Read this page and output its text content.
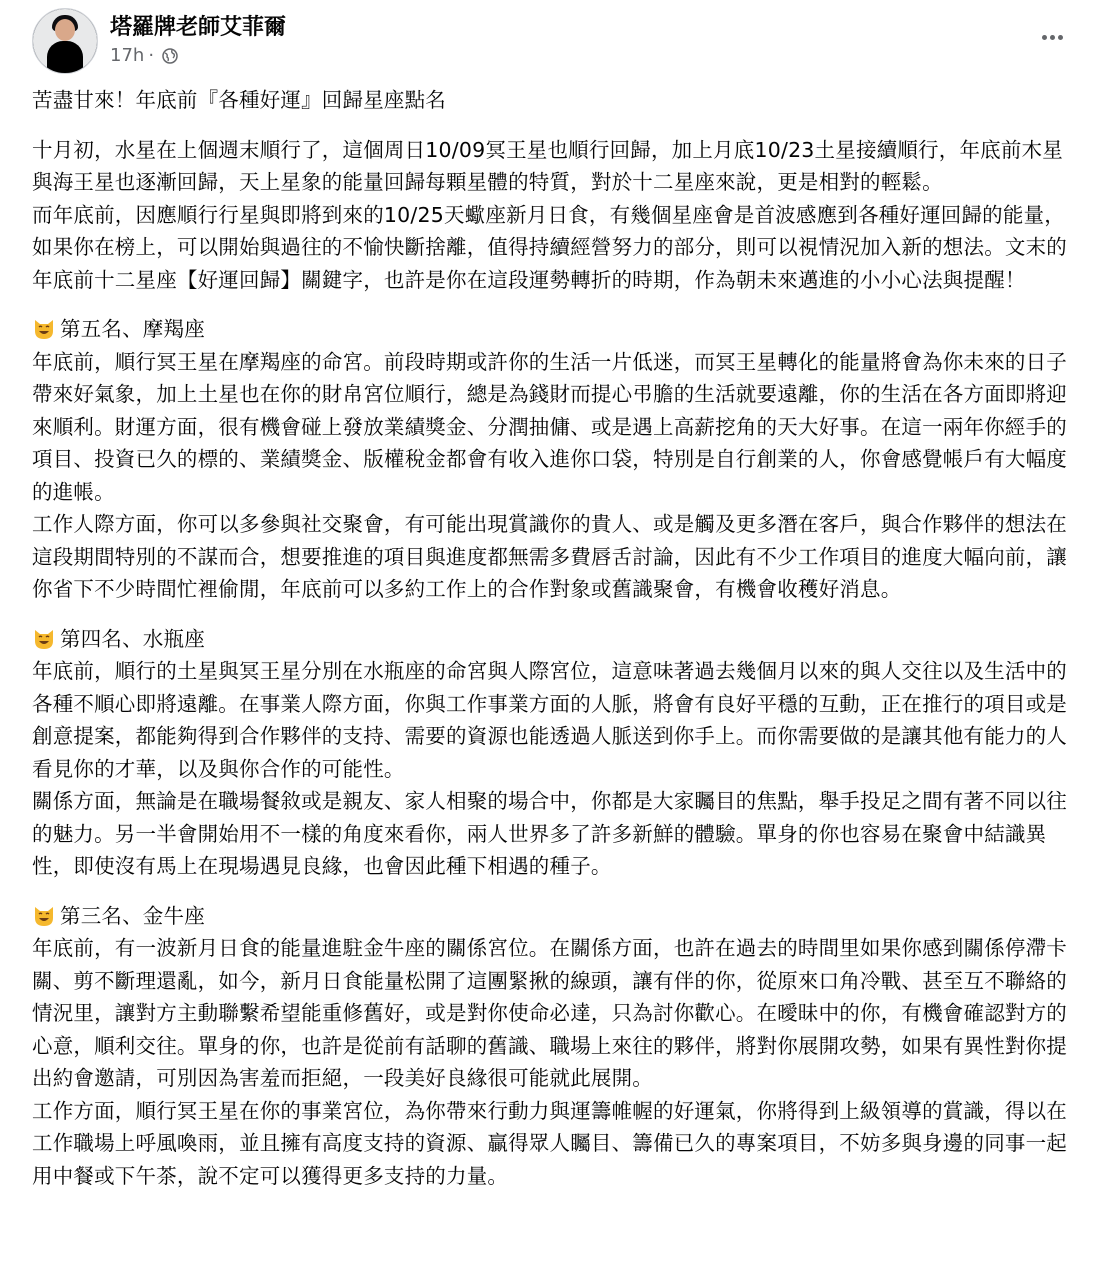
塔羅牌老師艾菲爾
17h ·

苦盡甘來！年底前『各種好運』回歸星座點名

十月初，水星在上個週末順行了，這個周日10/09冥王星也順行回歸，加上月底10/23土星接續順行，年底前木星與海王星也逐漸回歸，天上星象的能量回歸每顆星體的特質，對於十二星座來說，更是相對的輕鬆。

而年底前，因應順行行星與即將到來的10/25天蠍座新月日食，有幾個星座會是首波感應到各種好運回歸的能量，如果你在榜上，可以開始與過往的不愉快斷捨離，值得持續經營努力的部分，則可以視情況加入新的想法。文末的年底前十二星座【好運回歸】關鍵字，也許是你在這段運勢轉折的時期，作為朝未來邁進的小小心法與提醒！

第五名、摩羯座

年底前，順行冥王星在摩羯座的命宮。前段時期或許你的生活一片低迷，而冥王星轉化的能量將會為你未來的日子帶來好氣象，加上土星也在你的財帛宮位順行，總是為錢財而提心弔膽的生活就要遠離，你的生活在各方面即將迎來順利。財運方面，很有機會碰上發放業績獎金、分潤抽傭、或是遇上高薪挖角的天大好事。在這一兩年你經手的項目、投資已久的標的、業績獎金、版權稅金都會有收入進你口袋，特別是自行創業的人，你會感覺帳戶有大幅度的進帳。

工作人際方面，你可以多參與社交聚會，有可能出現賞識你的貴人、或是觸及更多潛在客戶，與合作夥伴的想法在這段期間特別的不謀而合，想要推進的項目與進度都無需多費唇舌討論，因此有不少工作項目的進度大幅向前，讓你省下不少時間忙裡偷閒，年底前可以多約工作上的合作對象或舊識聚會，有機會收穫好消息。

第四名、水瓶座

年底前，順行的土星與冥王星分別在水瓶座的命宮與人際宮位，這意味著過去幾個月以來的與人交往以及生活中的各種不順心即將遠離。在事業人際方面，你與工作事業方面的人脈，將會有良好平穩的互動，正在推行的項目或是創意提案，都能夠得到合作夥伴的支持、需要的資源也能透過人脈送到你手上。而你需要做的是讓其他有能力的人看見你的才華，以及與你合作的可能性。

關係方面，無論是在職場餐敘或是親友、家人相聚的場合中，你都是大家矚目的焦點，舉手投足之間有著不同以往的魅力。另一半會開始用不一樣的角度來看你，兩人世界多了許多新鮮的體驗。單身的你也容易在聚會中結識異性，即使沒有馬上在現場遇見良緣，也會因此種下相遇的種子。

第三名、金牛座

年底前，有一波新月日食的能量進駐金牛座的關係宮位。在關係方面，也許在過去的時間里如果你感到關係停滯卡關、剪不斷理還亂，如今，新月日食能量松開了這團緊揪的線頭，讓有伴的你，從原來口角冷戰、甚至互不聯絡的情況里，讓對方主動聯繫希望能重修舊好，或是對你使命必達，只為討你歡心。在曖昧中的你，有機會確認對方的心意，順利交往。單身的你，也許是從前有話聊的舊識、職場上來往的夥伴，將對你展開攻勢，如果有異性對你提出約會邀請，可別因為害羞而拒絕，一段美好良緣很可能就此展開。

工作方面，順行冥王星在你的事業宮位，為你帶來行動力與運籌帷幄的好運氣，你將得到上級領導的賞識，得以在工作職場上呼風喚雨，並且擁有高度支持的資源、贏得眾人矚目、籌備已久的專案項目，不妨多與身邊的同事一起用中餐或下午茶，說不定可以獲得更多支持的力量。
